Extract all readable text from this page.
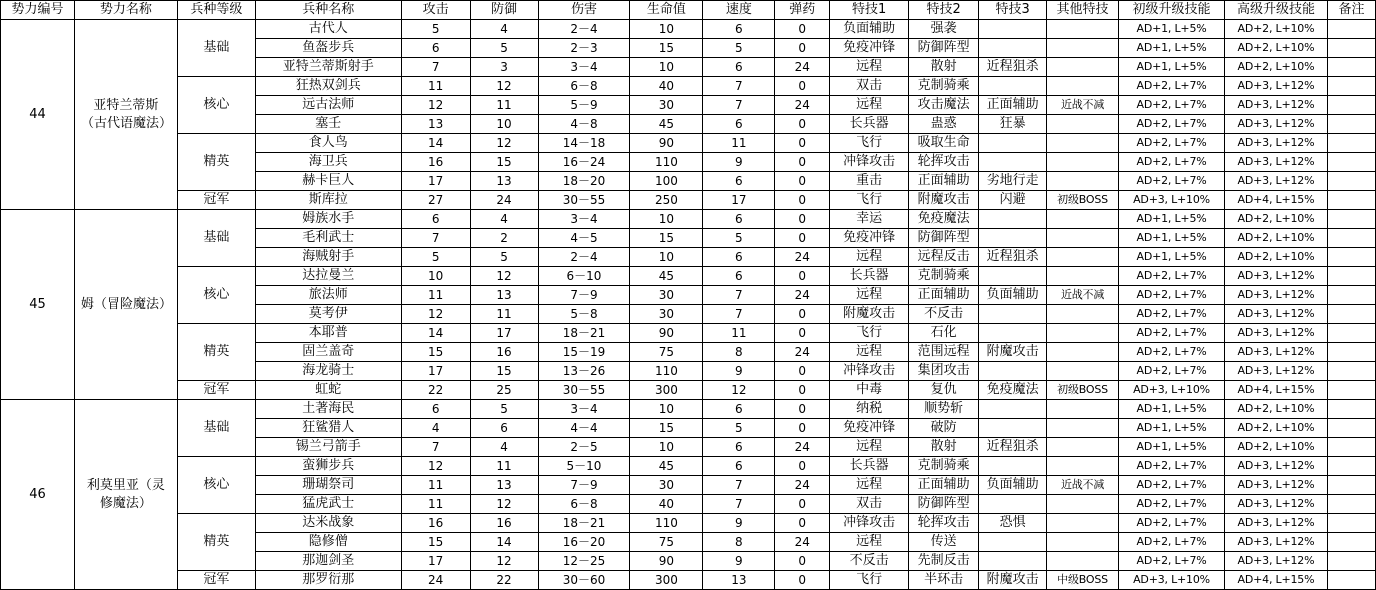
势力编号	势力名称	兵种等级	兵种名称	攻击	防御	伤害	生命值	速度	弹药	特技1	特技2	特技3	其他特技	初级升级技能	高级升级技能	备注
44	亚特兰蒂斯（古代语魔法）	基础	古代人	5	4	2－4	10	6	0	负面辅助	强袭			AD+1, L+5%	AD+2, L+10%	
			鱼盔步兵	6	5	2－3	15	5	0	免疫冲锋	防御阵型			AD+1, L+5%	AD+2, L+10%	
			亚特兰蒂斯射手	7	3	3－4	10	6	24	远程	散射	近程狙杀		AD+1, L+5%	AD+2, L+10%	
		核心	狂热双剑兵	11	12	6－8	40	7	0	双击	克制骑乘			AD+2, L+7%	AD+3, L+12%	
			远古法师	12	11	5－9	30	7	24	远程	攻击魔法	正面辅助	近战不减	AD+2, L+7%	AD+3, L+12%	
			塞壬	13	10	4－8	45	6	0	长兵器	蛊惑	狂暴		AD+2, L+7%	AD+3, L+12%	
		精英	食人鸟	14	12	14－18	90	11	0	飞行	吸取生命			AD+2, L+7%	AD+3, L+12%	
			海卫兵	16	15	16－24	110	9	0	冲锋攻击	轮挥攻击			AD+2, L+7%	AD+3, L+12%	
			赫卡巨人	17	13	18－20	100	6	0	重击	正面辅助	劣地行走		AD+2, L+7%	AD+3, L+12%	
		冠军	斯库拉	27	24	30－55	250	17	0	飞行	附魔攻击	闪避	初级BOSS	AD+3, L+10%	AD+4, L+15%	
45	姆（冒险魔法）	基础	姆族水手	6	4	3－4	10	6	0	幸运	免疫魔法			AD+1, L+5%	AD+2, L+10%	
			毛利武士	7	2	4－5	15	5	0	免疫冲锋	防御阵型			AD+1, L+5%	AD+2, L+10%	
			海贼射手	5	5	2－4	10	6	24	远程	远程反击	近程狙杀		AD+1, L+5%	AD+2, L+10%	
		核心	达拉曼兰	10	12	6－10	45	6	0	长兵器	克制骑乘			AD+2, L+7%	AD+3, L+12%	
			旅法师	11	13	7－9	30	7	24	远程	正面辅助	负面辅助	近战不减	AD+2, L+7%	AD+3, L+12%	
			莫考伊	12	11	5－8	30	7	0	附魔攻击	不反击			AD+2, L+7%	AD+3, L+12%	
		精英	本耶普	14	17	18－21	90	11	0	飞行	石化			AD+2, L+7%	AD+3, L+12%	
			固兰盖奇	15	16	15－19	75	8	24	远程	范围远程	附魔攻击		AD+2, L+7%	AD+3, L+12%	
			海龙骑士	17	15	13－26	110	9	0	冲锋攻击	集团攻击			AD+2, L+7%	AD+3, L+12%	
		冠军	虹蛇	22	25	30－55	300	12	0	中毒	复仇	免疫魔法	初级BOSS	AD+3, L+10%	AD+4, L+15%	
46	利莫里亚（灵修魔法）	基础	土著海民	6	5	3－4	10	6	0	纳税	顺势斩			AD+1, L+5%	AD+2, L+10%	
			狂鲨猎人	4	6	4－4	15	5	0	免疫冲锋	破防			AD+1, L+5%	AD+2, L+10%	
			锡兰弓箭手	7	4	2－5	10	6	24	远程	散射	近程狙杀		AD+1, L+5%	AD+2, L+10%	
		核心	蛮狮步兵	12	11	5－10	45	6	0	长兵器	克制骑乘			AD+2, L+7%	AD+3, L+12%	
			珊瑚祭司	11	13	7－9	30	7	24	远程	正面辅助	负面辅助	近战不减	AD+2, L+7%	AD+3, L+12%	
			猛虎武士	11	12	6－8	40	7	0	双击	防御阵型			AD+2, L+7%	AD+3, L+12%	
		精英	达米战象	16	16	18－21	110	9	0	冲锋攻击	轮挥攻击	恐惧		AD+2, L+7%	AD+3, L+12%	
			隐修僧	15	14	16－20	75	8	24	远程	传送			AD+2, L+7%	AD+3, L+12%	
			那迦剑圣	17	12	12－25	90	9	0	不反击	先制反击			AD+2, L+7%	AD+3, L+12%	
		冠军	那罗衍那	24	22	30－60	300	13	0	飞行	半环击	附魔攻击	中级BOSS	AD+3, L+10%	AD+4, L+15%	
